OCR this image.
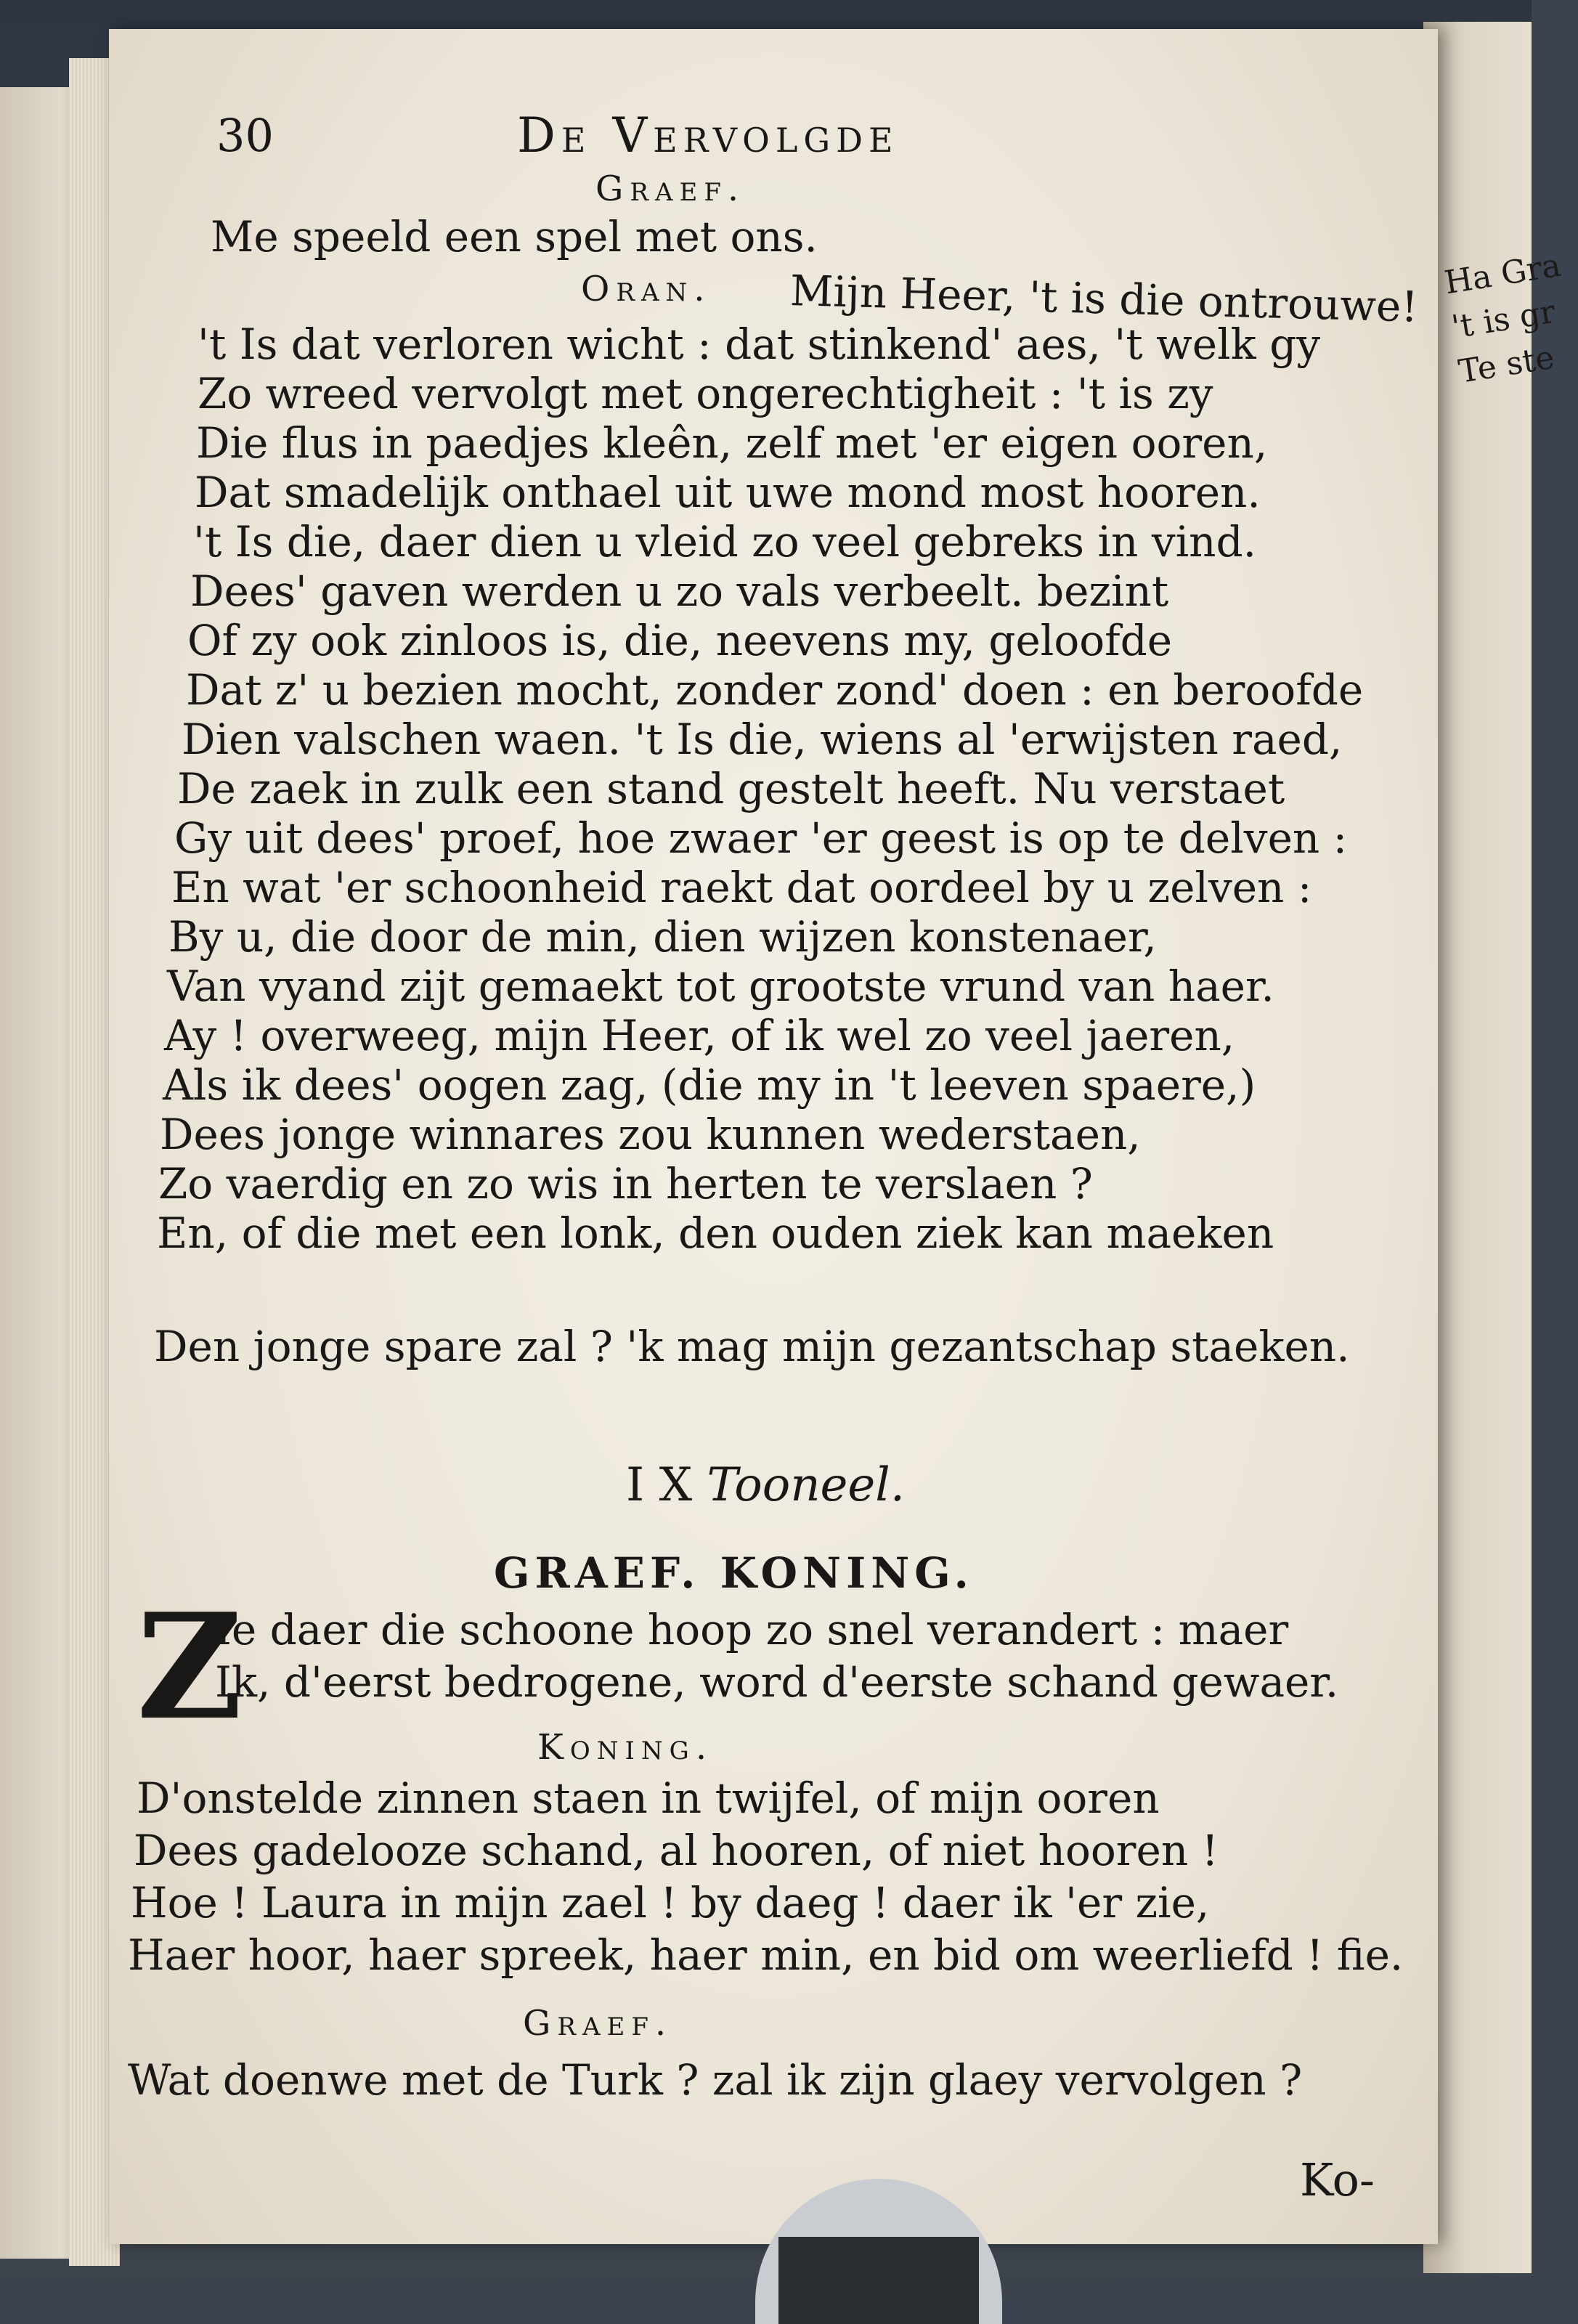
Ha Gra
't is gr
Te ste
30	De Vervolgde
Graef.
Me speeld een spel met ons.
Oran. Mijn Heer, 't is die ontrouwe!
't Is dat verloren wicht : dat stinkend' aes, 't welk gy
Zo wreed vervolgt met ongerechtigheit : 't is zy
Die flus in paedjes kleên, zelf met 'er eigen ooren,
Dat smadelijk onthael uit uwe mond most hooren.
't Is die, daer dien u vleid zo veel gebreks in vind.
Dees' gaven werden u zo vals verbeelt. bezint
Of zy ook zinloos is, die, neevens my, geloofde
Dat z' u bezien mocht, zonder zond' doen : en beroofde
Dien valschen waen. 't Is die, wiens al 'erwijsten raed,
De zaek in zulk een stand gestelt heeft. Nu verstaet
Gy uit dees' proef, hoe zwaer 'er geest is op te delven :
En wat 'er schoonheid raekt dat oordeel by u zelven :
By u, die door de min, dien wijzen konstenaer,
Van vyand zijt gemaekt tot grootste vrund van haer.
Ay ! overweeg, mijn Heer, of ik wel zo veel jaeren,
Als ik dees' oogen zag, (die my in 't leeven spaere,)
Dees jonge winnares zou kunnen wederstaen,
Zo vaerdig en zo wis in herten te verslaen ?
En, of die met een lonk, den ouden ziek kan maeken
Den jonge spare zal ? 'k mag mijn gezantschap staeken.
I X Tooneel.
GRAEF. KONING.
Z
Ie daer die schoone hoop zo snel verandert : maer
Ik, d'eerst bedrogene, word d'eerste schand gewaer.
Koning.
D'onstelde zinnen staen in twijfel, of mijn ooren
Dees gadelooze schand, al hooren, of niet hooren !
Hoe ! Laura in mijn zael ! by daeg ! daer ik 'er zie,
Haer hoor, haer spreek, haer min, en bid om weerliefd ! fie.
Graef.
Wat doenwe met de Turk ? zal ik zijn glaey vervolgen ?
Ko-
